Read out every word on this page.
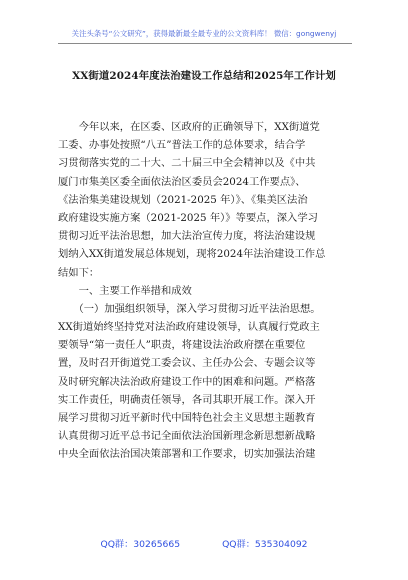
关注头条号“公文研究”，获得最新最全最专业的公文资料库！ 微信：gongwenyj
XX街道2024年度法治建设工作总结和2025年工作计划
　　今年以来，在区委、区政府的正确领导下，XX街道党
工委、办事处按照“八五”普法工作的总体要求，结合学
习贯彻落实党的二十大、二十届三中全会精神以及《中共
厦门市集美区委全面依法治区委员会2024工作要点》、
《法治集美建设规划（2021-2025 年）》、《集美区法治
政府建设实施方案（2021-2025 年）》等要点，深入学习
贯彻习近平法治思想，加大法治宣传力度，将法治建设规
划纳入XX街道发展总体规划，现将2024年法治建设工作总
结如下：
　　一、主要工作举措和成效
　　（一）加强组织领导，深入学习贯彻习近平法治思想。
XX街道始终坚持党对法治政府建设领导，认真履行党政主
要领导“第一责任人”职责，将建设法治政府摆在重要位
置，及时召开街道党工委会议、主任办公会、专题会议等
及时研究解决法治政府建设工作中的困难和问题。严格落
实工作责任，明确责任领导，各司其职开展工作。深入开
展学习贯彻习近平新时代中国特色社会主义思想主题教育
认真贯彻习近平总书记全面依法治国新理念新思想新战略
中央全面依法治国决策部署和工作要求，切实加强法治建
QQ群：30265665	QQ群：535304092
